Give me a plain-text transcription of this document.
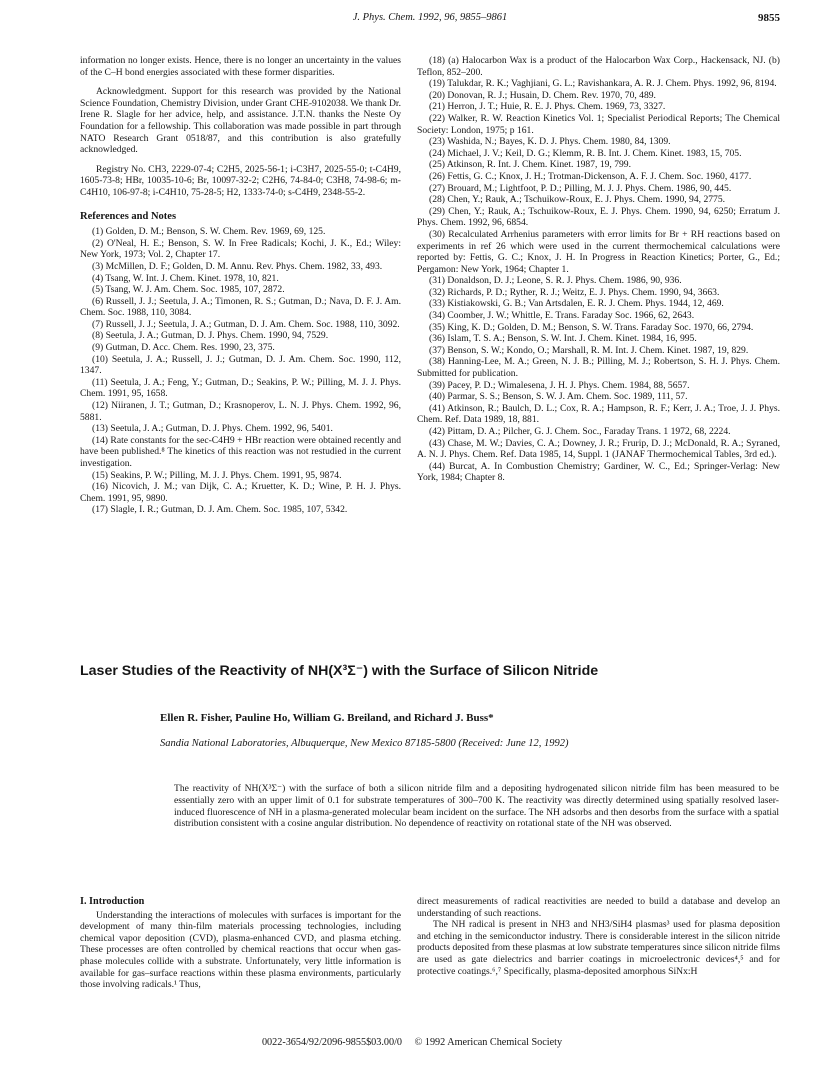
J. Phys. Chem. 1992, 96, 9855–9861	9855

information no longer exists. Hence, there is no longer an uncertainty in the values of the C–H bond energies associated with these former disparities.

Acknowledgment. Support for this research was provided by the National Science Foundation, Chemistry Division, under Grant CHE-9102038. We thank Dr. Irene R. Slagle for her advice, help, and assistance. J.T.N. thanks the Neste Oy Foundation for a fellowship. This collaboration was made possible in part through NATO Research Grant 0518/87, and this contribution is also gratefully acknowledged.

Registry No. CH3, 2229-07-4; C2H5, 2025-56-1; i-C3H7, 2025-55-0; t-C4H9, 1605-73-8; HBr, 10035-10-6; Br, 10097-32-2; C2H6, 74-84-0; C3H8, 74-98-6; m-C4H10, 106-97-8; i-C4H10, 75-28-5; H2, 1333-74-0; s-C4H9, 2348-55-2.

References and Notes

(1) Golden, D. M.; Benson, S. W. Chem. Rev. 1969, 69, 125.

(2) O'Neal, H. E.; Benson, S. W. In Free Radicals; Kochi, J. K., Ed.; Wiley: New York, 1973; Vol. 2, Chapter 17.

(3) McMillen, D. F.; Golden, D. M. Annu. Rev. Phys. Chem. 1982, 33, 493.

(4) Tsang, W. Int. J. Chem. Kinet. 1978, 10, 821.

(5) Tsang, W. J. Am. Chem. Soc. 1985, 107, 2872.

(6) Russell, J. J.; Seetula, J. A.; Timonen, R. S.; Gutman, D.; Nava, D. F. J. Am. Chem. Soc. 1988, 110, 3084.

(7) Russell, J. J.; Seetula, J. A.; Gutman, D. J. Am. Chem. Soc. 1988, 110, 3092.

(8) Seetula, J. A.; Gutman, D. J. Phys. Chem. 1990, 94, 7529.

(9) Gutman, D. Acc. Chem. Res. 1990, 23, 375.

(10) Seetula, J. A.; Russell, J. J.; Gutman, D. J. Am. Chem. Soc. 1990, 112, 1347.

(11) Seetula, J. A.; Feng, Y.; Gutman, D.; Seakins, P. W.; Pilling, M. J. J. Phys. Chem. 1991, 95, 1658.

(12) Niiranen, J. T.; Gutman, D.; Krasnoperov, L. N. J. Phys. Chem. 1992, 96, 5881.

(13) Seetula, J. A.; Gutman, D. J. Phys. Chem. 1992, 96, 5401.

(14) Rate constants for the sec-C4H9 + HBr reaction were obtained recently and have been published.⁸ The kinetics of this reaction was not restudied in the current investigation.

(15) Seakins, P. W.; Pilling, M. J. J. Phys. Chem. 1991, 95, 9874.

(16) Nicovich, J. M.; van Dijk, C. A.; Kruetter, K. D.; Wine, P. H. J. Phys. Chem. 1991, 95, 9890.

(17) Slagle, I. R.; Gutman, D. J. Am. Chem. Soc. 1985, 107, 5342.

(18) (a) Halocarbon Wax is a product of the Halocarbon Wax Corp., Hackensack, NJ. (b) Teflon, 852–200.

(19) Talukdar, R. K.; Vaghjiani, G. L.; Ravishankara, A. R. J. Chem. Phys. 1992, 96, 8194.

(20) Donovan, R. J.; Husain, D. Chem. Rev. 1970, 70, 489.

(21) Herron, J. T.; Huie, R. E. J. Phys. Chem. 1969, 73, 3327.

(22) Walker, R. W. Reaction Kinetics Vol. 1; Specialist Periodical Reports; The Chemical Society: London, 1975; p 161.

(23) Washida, N.; Bayes, K. D. J. Phys. Chem. 1980, 84, 1309.

(24) Michael, J. V.; Keil, D. G.; Klemm, R. B. Int. J. Chem. Kinet. 1983, 15, 705.

(25) Atkinson, R. Int. J. Chem. Kinet. 1987, 19, 799.

(26) Fettis, G. C.; Knox, J. H.; Trotman-Dickenson, A. F. J. Chem. Soc. 1960, 4177.

(27) Brouard, M.; Lightfoot, P. D.; Pilling, M. J. J. Phys. Chem. 1986, 90, 445.

(28) Chen, Y.; Rauk, A.; Tschuikow-Roux, E. J. Phys. Chem. 1990, 94, 2775.

(29) Chen, Y.; Rauk, A.; Tschuikow-Roux, E. J. Phys. Chem. 1990, 94, 6250; Erratum J. Phys. Chem. 1992, 96, 6854.

(30) Recalculated Arrhenius parameters with error limits for Br + RH reactions based on experiments in ref 26 which were used in the current thermochemical calculations were reported by: Fettis, G. C.; Knox, J. H. In Progress in Reaction Kinetics; Porter, G., Ed.; Pergamon: New York, 1964; Chapter 1.

(31) Donaldson, D. J.; Leone, S. R. J. Phys. Chem. 1986, 90, 936.

(32) Richards, P. D.; Ryther, R. J.; Weitz, E. J. Phys. Chem. 1990, 94, 3663.

(33) Kistiakowski, G. B.; Van Artsdalen, E. R. J. Chem. Phys. 1944, 12, 469.

(34) Coomber, J. W.; Whittle, E. Trans. Faraday Soc. 1966, 62, 2643.

(35) King, K. D.; Golden, D. M.; Benson, S. W. Trans. Faraday Soc. 1970, 66, 2794.

(36) Islam, T. S. A.; Benson, S. W. Int. J. Chem. Kinet. 1984, 16, 995.

(37) Benson, S. W.; Kondo, O.; Marshall, R. M. Int. J. Chem. Kinet. 1987, 19, 829.

(38) Hanning-Lee, M. A.; Green, N. J. B.; Pilling, M. J.; Robertson, S. H. J. Phys. Chem. Submitted for publication.

(39) Pacey, P. D.; Wimalesena, J. H. J. Phys. Chem. 1984, 88, 5657.

(40) Parmar, S. S.; Benson, S. W. J. Am. Chem. Soc. 1989, 111, 57.

(41) Atkinson, R.; Baulch, D. L.; Cox, R. A.; Hampson, R. F.; Kerr, J. A.; Troe, J. J. Phys. Chem. Ref. Data 1989, 18, 881.

(42) Pittam, D. A.; Pilcher, G. J. Chem. Soc., Faraday Trans. 1 1972, 68, 2224.

(43) Chase, M. W.; Davies, C. A.; Downey, J. R.; Frurip, D. J.; McDonald, R. A.; Syraned, A. N. J. Phys. Chem. Ref. Data 1985, 14, Suppl. 1 (JANAF Thermochemical Tables, 3rd ed.).

(44) Burcat, A. In Combustion Chemistry; Gardiner, W. C., Ed.; Springer-Verlag: New York, 1984; Chapter 8.

Laser Studies of the Reactivity of NH(X³Σ⁻) with the Surface of Silicon Nitride
Ellen R. Fisher, Pauline Ho, William G. Breiland, and Richard J. Buss*
Sandia National Laboratories, Albuquerque, New Mexico 87185-5800 (Received: June 12, 1992)
The reactivity of NH(X³Σ⁻) with the surface of both a silicon nitride film and a depositing hydrogenated silicon nitride film has been measured to be essentially zero with an upper limit of 0.1 for substrate temperatures of 300–700 K. The reactivity was directly determined using spatially resolved laser-induced fluorescence of NH in a plasma-generated molecular beam incident on the surface. The NH adsorbs and then desorbs from the surface with a spatial distribution consistent with a cosine angular distribution. No dependence of reactivity on rotational state of the NH was observed.
I. Introduction

Understanding the interactions of molecules with surfaces is important for the development of many thin-film materials processing technologies, including chemical vapor deposition (CVD), plasma-enhanced CVD, and plasma etching. These processes are often controlled by chemical reactions that occur when gas-phase molecules collide with a substrate. Unfortunately, very little information is available for gas–surface reactions within these plasma environments, particularly those involving radicals.¹ Thus,

direct measurements of radical reactivities are needed to build a database and develop an understanding of such reactions.

The NH radical is present in NH3 and NH3/SiH4 plasmas³ used for plasma deposition and etching in the semiconductor industry. There is considerable interest in the silicon nitride products deposited from these plasmas at low substrate temperatures since silicon nitride films are used as gate dielectrics and barrier coatings in microelectronic devices⁴,⁵ and for protective coatings.⁶,⁷ Specifically, plasma-deposited amorphous SiNx:H

0022-3654/92/2096-9855$03.00/0 © 1992 American Chemical Society
